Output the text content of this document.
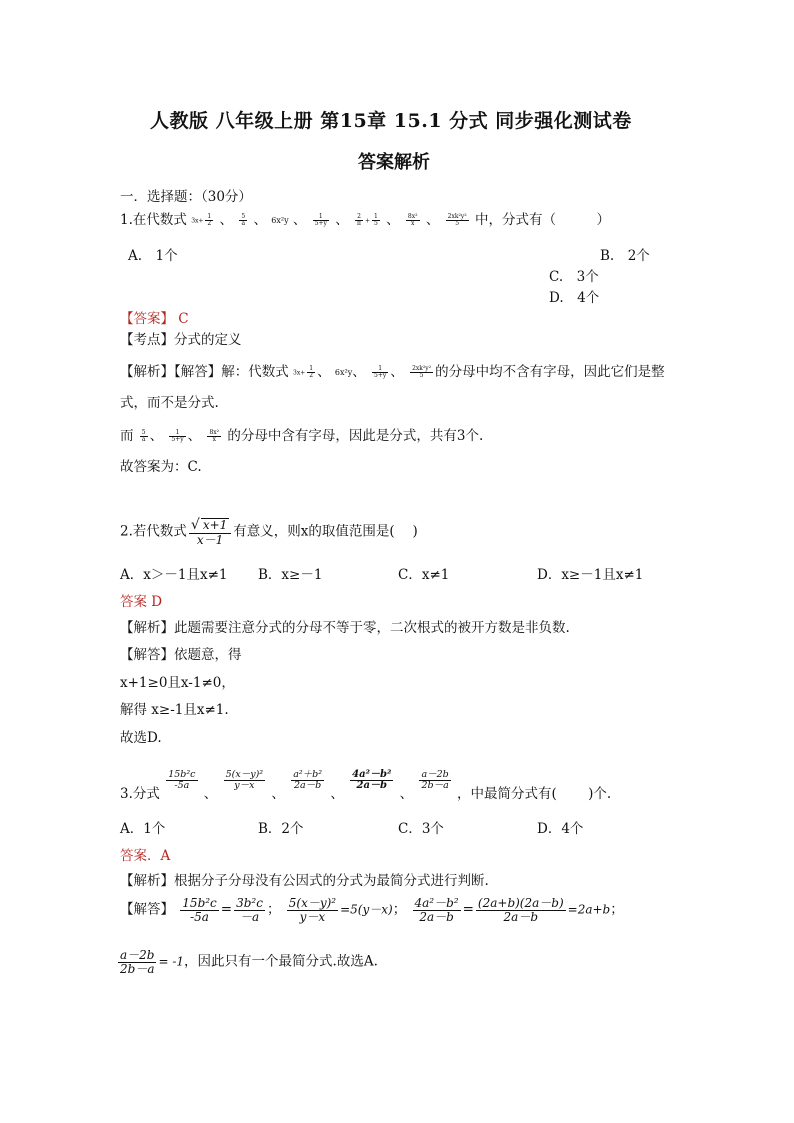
人教版 八年级上册 第15章 15.1 分式 同步强化测试卷
答案解析
一．选择题：（30分）
1.在代数式 $3x+ \frac{1}{2}$ 、 $\frac{5}{a}$ 、 6x²y 、 $\frac{1}{5+y}$ 、 $\frac{2}{\pi} + \frac{1}{5}$ 、 $\frac{\text{8x²}}{x}$ 、 $\frac{\text{2xk²y²}}{5}$ 中，分式有（　　　）
A.　1个	B.　2个
C.　3个
D.　4个
【答案】 C
【考点】分式的定义
【解析】【解答】解：代数式 $3x+ \frac{1}{2}$ 、 6x²y、 $\frac{1}{5+y}$ 、 $\frac{\text{2xk²y²}}{5}$ 的分母中均不含有字母，因此它们是整
式，而不是分式.
而 $\frac{5}{a}$ 、 $\frac{1}{5+y}$ 、 $\frac{\text{8x²}}{x}$ 的分母中含有字母，因此是分式，共有3个.
故答案为：C.
2.若代数式 $\frac{√ x+1}{x-1}$ 有意义，则x的取值范围是(　 )
A．x＞－1且x≠1 B．x≥－1	C．x≠1	D．x≥－1且x≠1
答案 D
【解析】此题需要注意分式的分母不等于零，二次根式的被开方数是非负数.
【解答】依题意，得
x+1≥0且x-1≠0，
解得 x≥-1且x≠1.
故选D.
3.分式
$\frac{\text{15b²c}}{-5a}$
、
$\frac{\text{5(x－y)²}}{y-x}$
、
$\frac{\text{a²＋b²}}{2a-b}$
、
$\frac{\text{4a²－b²}}{2a-b}$
、
$\frac{a-2b}{2b-a}$
，中最简分式有(　　 )个.
A．1个	B．2个	C．3个	D．4个
答案．A
【解析】根据分子分母没有公因式的分式为最简分式进行判断.
【解答】 $\frac{\text{15b²c}}{-5a} = \frac{\text{3b²c}}{-a}$ ； $\frac{\text{5(x－y)²}}{y-x} =5(y-x)$； $\frac{\text{4a²－b²}}{2a-b} = \frac{(2a+b)(2a-b)}{2a-b} =2a+b$；
$\frac{a-2b}{2b-a} = -1$，因此只有一个最简分式.故选A.
